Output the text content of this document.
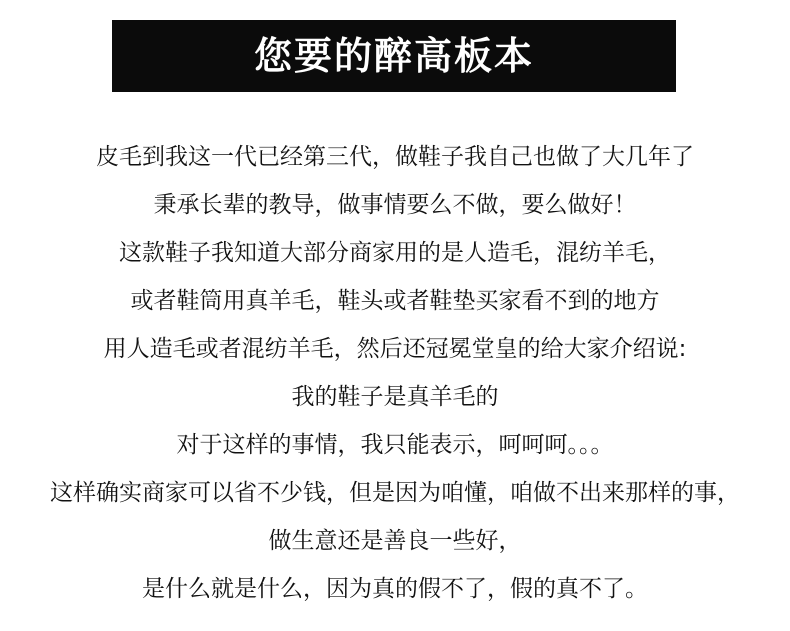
您要的醉高板本
皮毛到我这一代已经第三代，做鞋子我自己也做了大几年了
秉承长辈的教导，做事情要么不做，要么做好！
这款鞋子我知道大部分商家用的是人造毛，混纺羊毛，
或者鞋筒用真羊毛，鞋头或者鞋垫买家看不到的地方
用人造毛或者混纺羊毛，然后还冠冕堂皇的给大家介绍说:
我的鞋子是真羊毛的
对于这样的事情，我只能表示，呵呵呵。。。
这样确实商家可以省不少钱，但是因为咱懂，咱做不出来那样的事，
做生意还是善良一些好，
是什么就是什么，因为真的假不了，假的真不了。
